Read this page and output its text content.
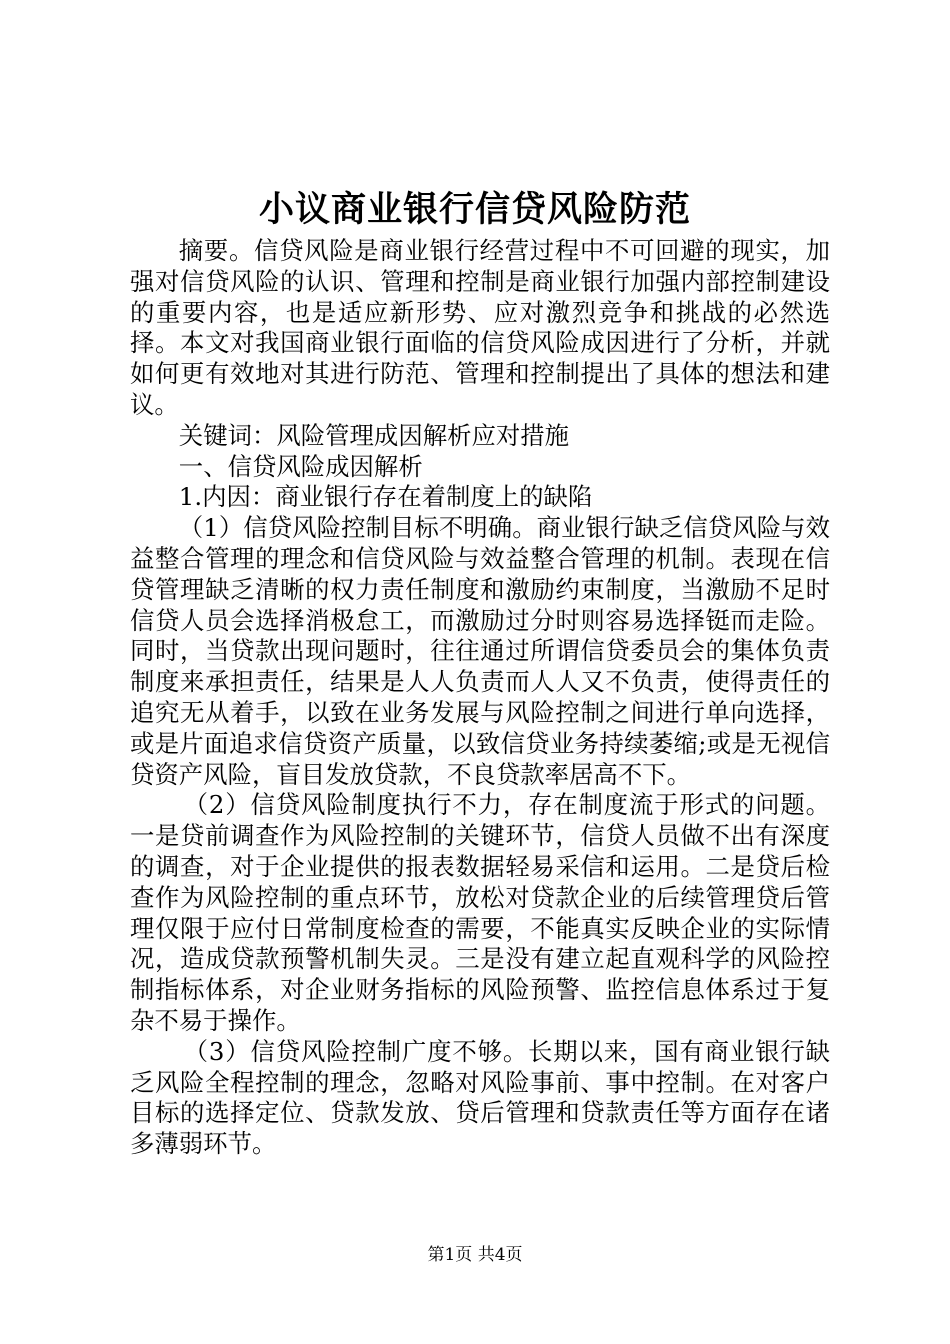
小议商业银行信贷风险防范

摘要。信贷风险是商业银行经营过程中不可回避的现实，加强对信贷风险的认识、管理和控制是商业银行加强内部控制建设的重要内容，也是适应新形势、应对激烈竞争和挑战的必然选择。本文对我国商业银行面临的信贷风险成因进行了分析，并就如何更有效地对其进行防范、管理和控制提出了具体的想法和建议。

关键词：风险管理成因解析应对措施

一、信贷风险成因解析

1.内因：商业银行存在着制度上的缺陷

（1）信贷风险控制目标不明确。商业银行缺乏信贷风险与效益整合管理的理念和信贷风险与效益整合管理的机制。表现在信贷管理缺乏清晰的权力责任制度和激励约束制度，当激励不足时信贷人员会选择消极怠工，而激励过分时则容易选择铤而走险。同时，当贷款出现问题时，往往通过所谓信贷委员会的集体负责制度来承担责任，结果是人人负责而人人又不负责，使得责任的追究无从着手，以致在业务发展与风险控制之间进行单向选择，或是片面追求信贷资产质量，以致信贷业务持续萎缩;或是无视信贷资产风险，盲目发放贷款，不良贷款率居高不下。

（2）信贷风险制度执行不力，存在制度流于形式的问题。一是贷前调查作为风险控制的关键环节，信贷人员做不出有深度的调查，对于企业提供的报表数据轻易采信和运用。二是贷后检查作为风险控制的重点环节，放松对贷款企业的后续管理贷后管理仅限于应付日常制度检查的需要，不能真实反映企业的实际情况，造成贷款预警机制失灵。三是没有建立起直观科学的风险控制指标体系，对企业财务指标的风险预警、监控信息体系过于复杂不易于操作。

（3）信贷风险控制广度不够。长期以来，国有商业银行缺乏风险全程控制的理念，忽略对风险事前、事中控制。在对客户目标的选择定位、贷款发放、贷后管理和贷款责任等方面存在诸多薄弱环节。

第1页 共4页
